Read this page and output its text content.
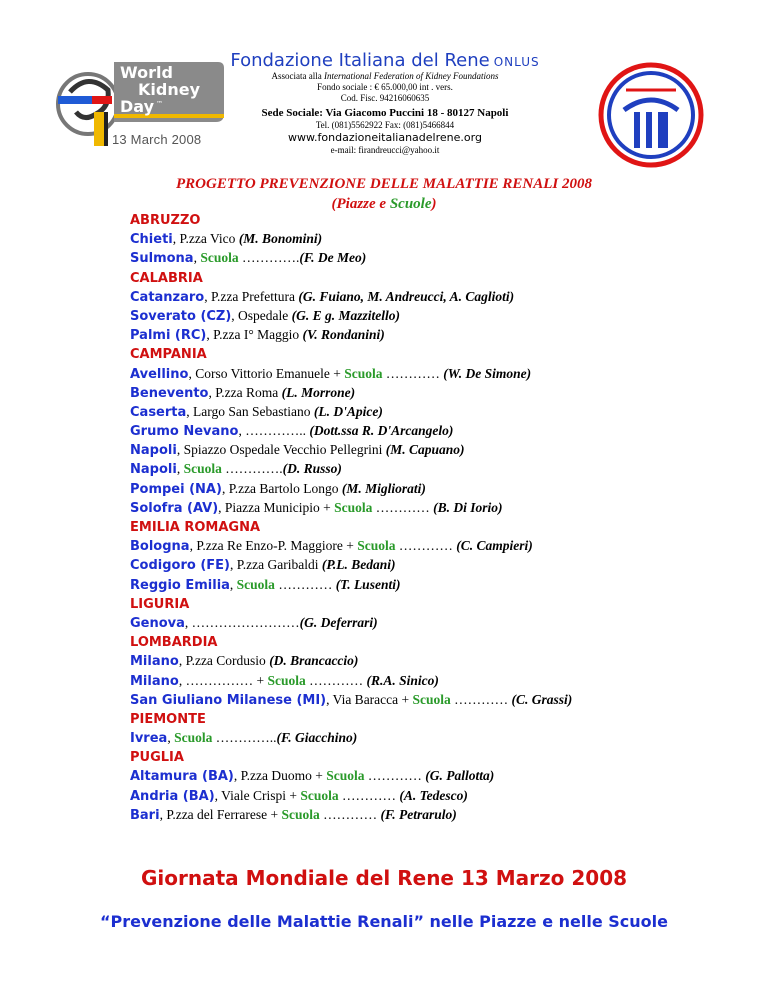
World
Kidney
Day ™
13 March 2008
Fondazione Italiana del Rene ONLUS
Associata alla International Federation of Kidney Foundations
Fondo sociale : € 65.000,00 int . vers.
Cod. Fisc. 94216060635
Sede Sociale: Via Giacomo Puccini 18 - 80127 Napoli
Tel. (081)5562922 Fax: (081)5466844
www.fondazioneitalianadelrene.org
e-mail: firandreucci@yahoo.it
PROGETTO PREVENZIONE DELLE MALATTIE RENALI 2008
(Piazze e Scuole)
ABRUZZO
Chieti, P.zza Vico (M. Bonomini)
Sulmona, Scuola ………….(F. De Meo)
CALABRIA
Catanzaro, P.zza Prefettura (G. Fuiano, M. Andreucci, A. Caglioti)
Soverato (CZ), Ospedale (G. E g. Mazzitello)
Palmi (RC), P.zza I° Maggio (V. Rondanini)
CAMPANIA
Avellino, Corso Vittorio Emanuele + Scuola ………… (W. De Simone)
Benevento, P.zza Roma (L. Morrone)
Caserta, Largo San Sebastiano (L. D'Apice)
Grumo Nevano, ………….. (Dott.ssa R. D'Arcangelo)
Napoli, Spiazzo Ospedale Vecchio Pellegrini (M. Capuano)
Napoli, Scuola ………….(D. Russo)
Pompei (NA), P.zza Bartolo Longo (M. Migliorati)
Solofra (AV), Piazza Municipio + Scuola ………… (B. Di Iorio)
EMILIA ROMAGNA
Bologna, P.zza Re Enzo-P. Maggiore + Scuola ………… (C. Campieri)
Codigoro (FE), P.zza Garibaldi (P.L. Bedani)
Reggio Emilia, Scuola ………… (T. Lusenti)
LIGURIA
Genova, ……………………(G. Deferrari)
LOMBARDIA
Milano, P.zza Cordusio (D. Brancaccio)
Milano, …………… + Scuola ………… (R.A. Sinico)
San Giuliano Milanese (MI), Via Baracca + Scuola ………… (C. Grassi)
PIEMONTE
Ivrea, Scuola …………..(F. Giacchino)
PUGLIA
Altamura (BA), P.zza Duomo + Scuola ………… (G. Pallotta)
Andria (BA), Viale Crispi + Scuola ………… (A. Tedesco)
Bari, P.zza del Ferrarese + Scuola ………… (F. Petrarulo)
Giornata Mondiale del Rene 13 Marzo 2008
“Prevenzione delle Malattie Renali” nelle Piazze e nelle Scuole
